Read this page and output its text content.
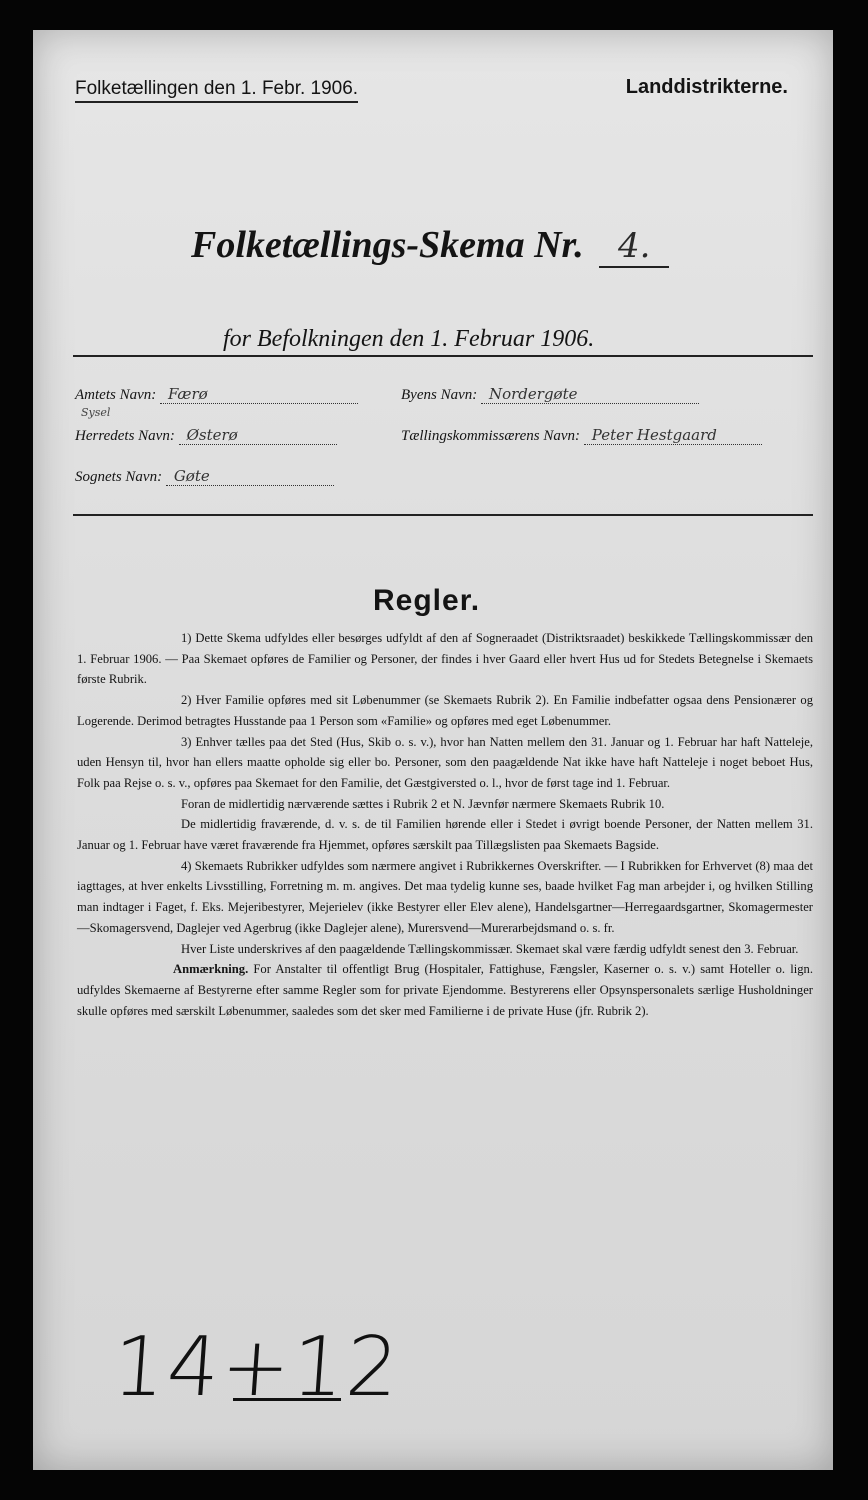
Folketællingen den 1. Febr. 1906.	Landdistrikterne.
Folketællings-Skema Nr. 4.
for Befolkningen den 1. Februar 1906.
Amtets Navn: Færø	Byens Navn: Nordergøte
Sysel
Herredets Navn: Østerø	Tællingskommissærens Navn: Peter Hestgaard
Sognets Navn: Gøte
Regler.

1) Dette Skema udfyldes eller besørges udfyldt af den af Sogneraadet (Distriktsraadet) beskikkede Tællingskommissær den 1. Februar 1906. — Paa Skemaet opføres de Familier og Personer, der findes i hver Gaard eller hvert Hus ud for Stedets Betegnelse i Skemaets første Rubrik.

2) Hver Familie opføres med sit Løbenummer (se Skemaets Rubrik 2). En Familie indbefatter ogsaa dens Pensionærer og Logerende. Derimod betragtes Husstande paa 1 Person som «Familie» og opføres med eget Løbenummer.

3) Enhver tælles paa det Sted (Hus, Skib o. s. v.), hvor han Natten mellem den 31. Januar og 1. Februar har haft Natteleje, uden Hensyn til, hvor han ellers maatte opholde sig eller bo. Personer, som den paagældende Nat ikke have haft Natteleje i noget beboet Hus, Folk paa Rejse o. s. v., opføres paa Skemaet for den Familie, det Gæstgiversted o. l., hvor de først tage ind 1. Februar.

Foran de midlertidig nærværende sættes i Rubrik 2 et N. Jævnfør nærmere Skemaets Rubrik 10.

De midlertidig fraværende, d. v. s. de til Familien hørende eller i Stedet i øvrigt boende Personer, der Natten mellem 31. Januar og 1. Februar have været fraværende fra Hjemmet, opføres særskilt paa Tillægslisten paa Skemaets Bagside.

4) Skemaets Rubrikker udfyldes som nærmere angivet i Rubrikkernes Overskrifter. — I Rubrikken for Erhvervet (8) maa det iagttages, at hver enkelts Livsstilling, Forretning m. m. angives. Det maa tydelig kunne ses, baade hvilket Fag man arbejder i, og hvilken Stilling man indtager i Faget, f. Eks. Mejeribestyrer, Mejerielev (ikke Bestyrer eller Elev alene), Handelsgartner—Herregaardsgartner, Skomagermester—Skomagersvend, Daglejer ved Agerbrug (ikke Daglejer alene), Murersvend—Murerarbejdsmand o. s. fr.

Hver Liste underskrives af den paagældende Tællingskommissær. Skemaet skal være færdig udfyldt senest den 3. Februar.

Anmærkning. For Anstalter til offentligt Brug (Hospitaler, Fattighuse, Fængsler, Kaserner o. s. v.) samt Hoteller o. lign. udfyldes Skemaerne af Bestyrerne efter samme Regler som for private Ejendomme. Bestyrerens eller Opsynspersonalets særlige Husholdninger skulle opføres med særskilt Løbenummer, saaledes som det sker med Familierne i de private Huse (jfr. Rubrik 2).

14+12
